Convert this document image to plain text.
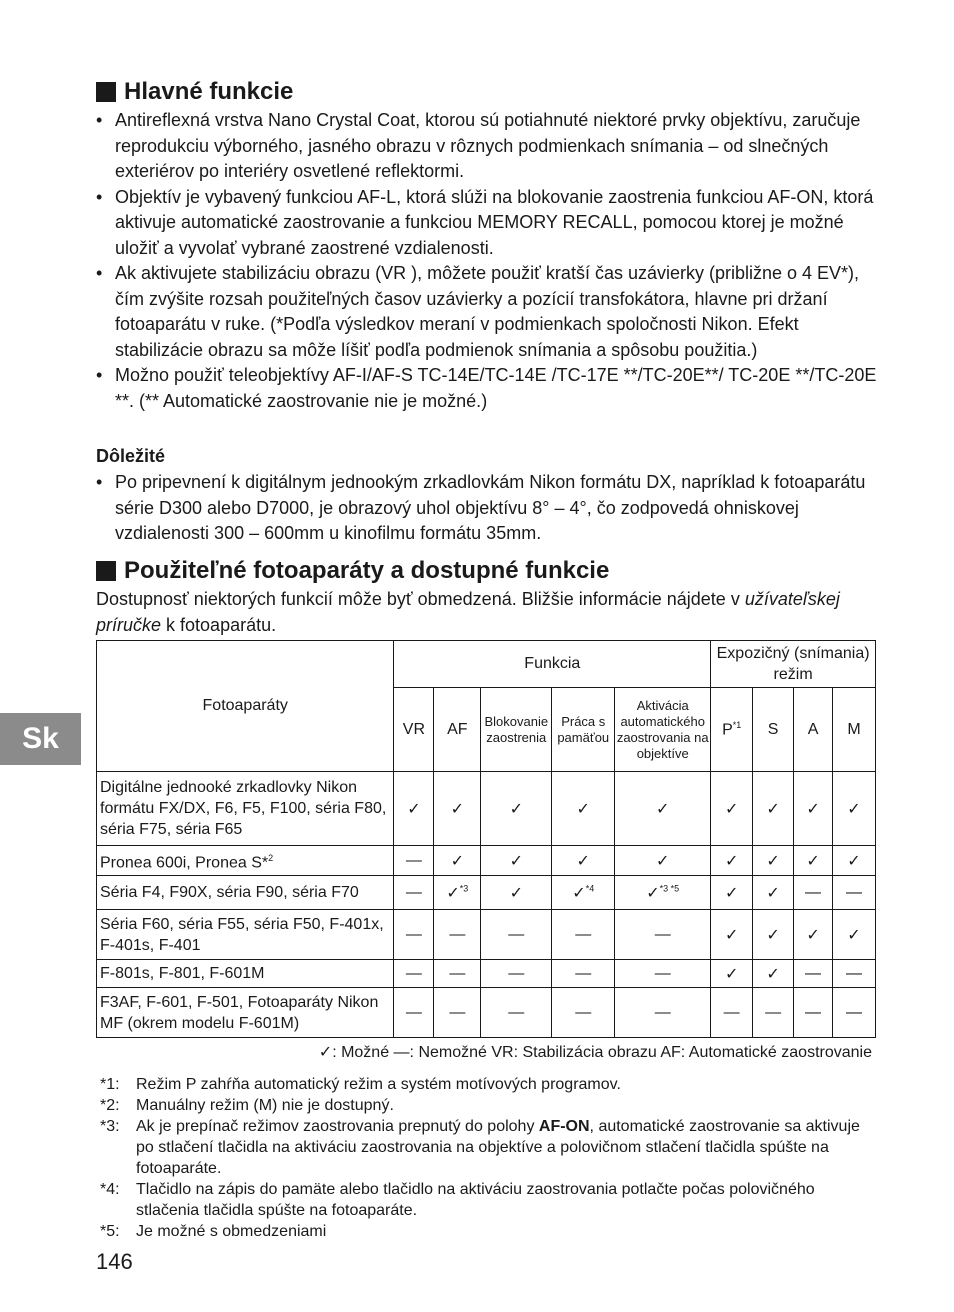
Hlavné funkcie
• Antireflexná vrstva Nano Crystal Coat, ktorou sú potiahnuté niektoré prvky objektívu, zaručuje reprodukciu výborného, jasného obrazu v rôznych podmienkach snímania – od slnečných exteriérov po interiéry osvetlené reflektormi.
• Objektív je vybavený funkciou AF-L, ktorá slúži na blokovanie zaostrenia funkciou AF-ON, ktorá aktivuje automatické zaostrovanie a funkciou MEMORY RECALL, pomocou ktorej je možné uložiť a vyvolať vybrané zaostrené vzdialenosti.
• Ak aktivujete stabilizáciu obrazu (VR ), môžete použiť kratší čas uzávierky (približne o 4 EV*), čím zvýšite rozsah použiteľných časov uzávierky a pozícií transfokátora, hlavne pri držaní fotoaparátu v ruke. (*Podľa výsledkov meraní v podmienkach spoločnosti Nikon. Efekt stabilizácie obrazu sa môže líšiť podľa podmienok snímania a spôsobu použitia.)
• Možno použiť teleobjektívy AF-I/AF-S TC-14E/TC-14E /TC-17E **/TC-20E**/ TC-20E **/TC-20E **. (** Automatické zaostrovanie nie je možné.)
Dôležité
• Po pripevnení k digitálnym jednookým zrkadlovkám Nikon formátu DX, napríklad k fotoaparátu série D300 alebo D7000, je obrazový uhol objektívu 8° – 4°, čo zodpovedá ohniskovej vzdialenosti 300 – 600mm u kinofilmu formátu 35mm.
Použiteľné fotoaparáty a dostupné funkcie
Dostupnosť niektorých funkcií môže byť obmedzená. Bližšie informácie nájdete v užívateľskej príručke k fotoaparátu.
Sk
Fotoaparáty	Funkcia					Expozičný (snímania) režim			
	VR	AF	Blokovanie zaostrenia	Práca s pamäťou	Aktivácia automatického zaostrovania na objektíve	$P^{*1}$	S	A	M
Digitálne jednooké zrkadlovky Nikon formátu FX/DX, F6, F5, F100, séria F80, séria F75, séria F65	✓	✓	✓	✓	✓	✓	✓	✓	✓
Pronea 600i, Pronea S*$^2$	—	✓	✓	✓	✓	✓	✓	✓	✓
Séria F4, F90X, séria F90, séria F70	—	✓$^{*3}$	✓	✓$^{*4}$	✓$^{*3 *5}$	✓	✓	—	—
Séria F60, séria F55, séria F50, F-401x, F-401s, F-401	—	—	—	—	—	✓	✓	✓	✓
F-801s, F-801, F-601M	—	—	—	—	—	✓	✓	—	—
F3AF, F-601, F-501, Fotoaparáty Nikon MF (okrem modelu F-601M)	—	—	—	—	—	—	—	—	—
✓: Možné —: Nemožné VR: Stabilizácia obrazu AF: Automatické zaostrovanie
*1:	Režim P zahŕňa automatický režim a systém motívových programov.
*2:	Manuálny režim (M) nie je dostupný.
*3:	Ak je prepínač režimov zaostrovania prepnutý do polohy AF-ON, automatické zaostrovanie sa aktivuje po stlačení tlačidla na aktiváciu zaostrovania na objektíve a polovičnom stlačení tlačidla spúšte na fotoaparáte.
*4:	Tlačidlo na zápis do pamäte alebo tlačidlo na aktiváciu zaostrovania potlačte počas polovičného stlačenia tlačidla spúšte na fotoaparáte.
*5:	Je možné s obmedzeniami
146
